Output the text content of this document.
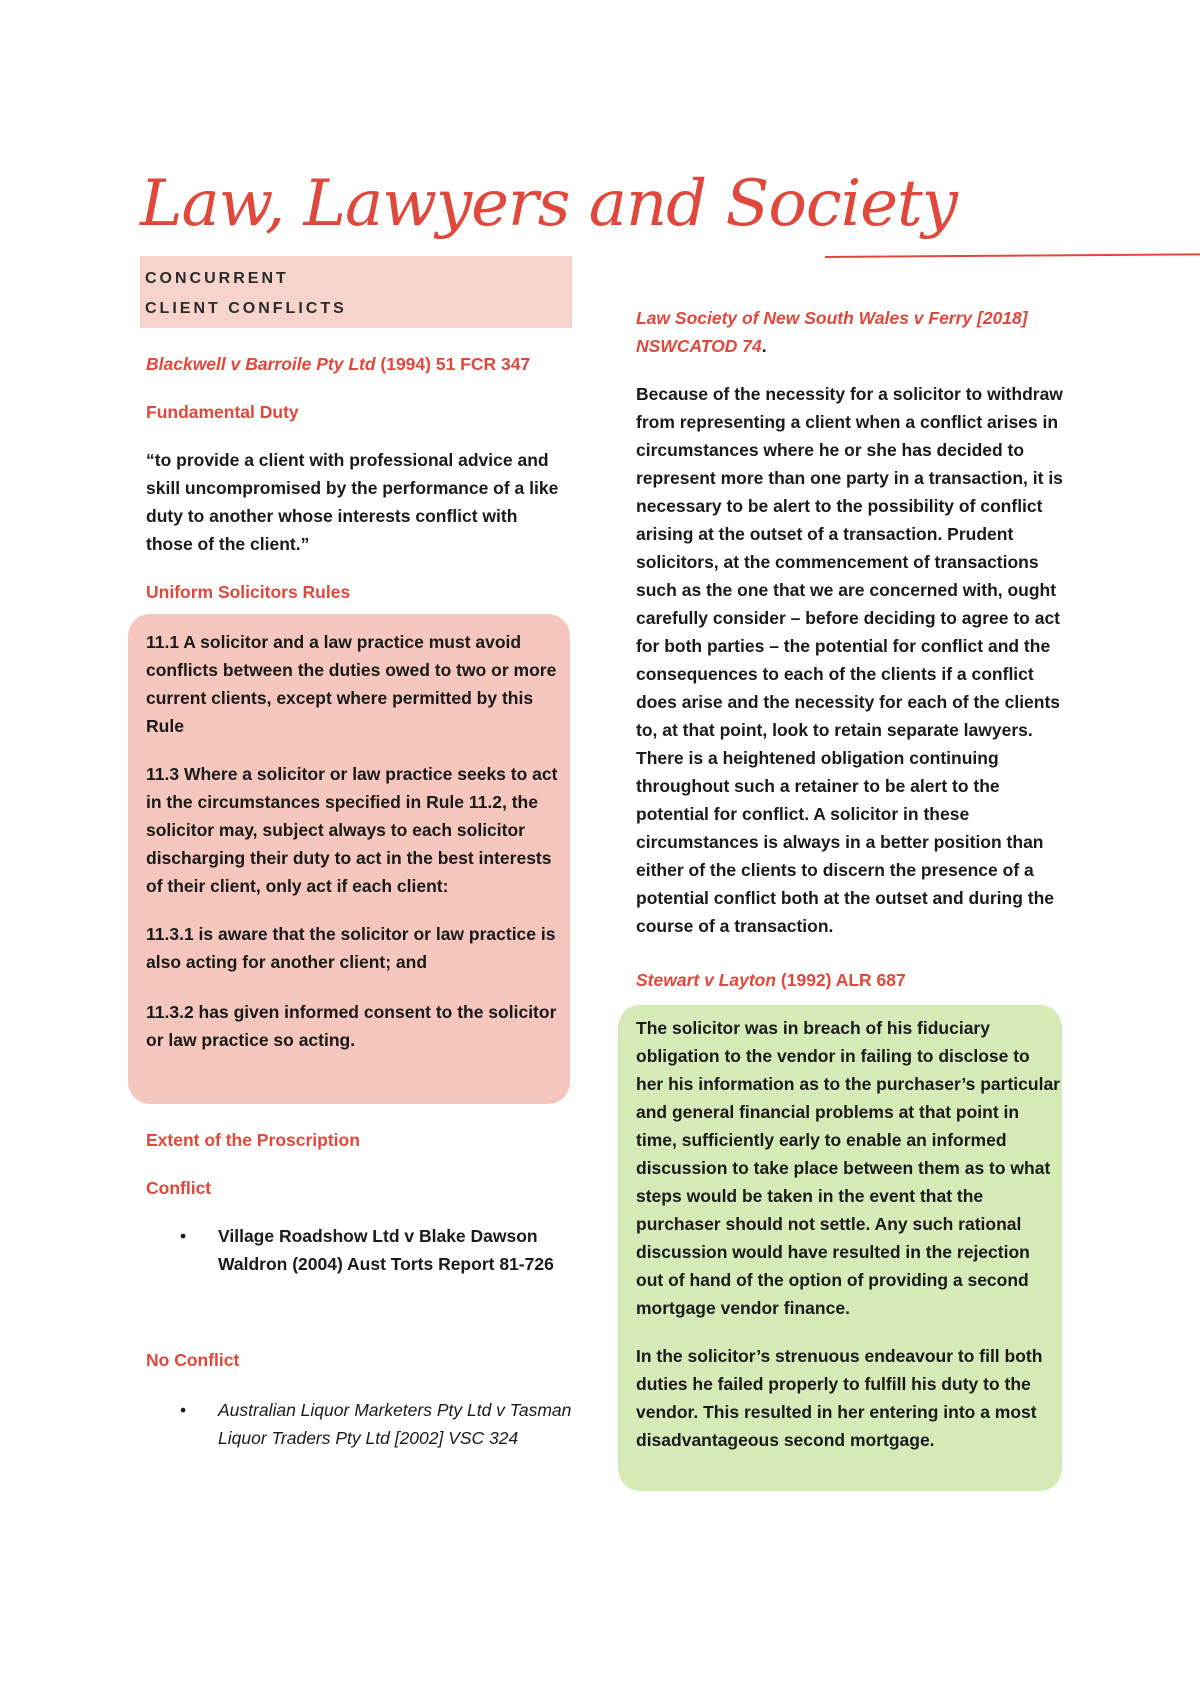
Law, Lawyers and Society
CONCURRENT
CLIENT CONFLICTS
Blackwell v Barroile Pty Ltd (1994) 51 FCR 347
Fundamental Duty

“to provide a client with professional advice and skill uncompromised by the performance of a like duty to another whose interests conflict with those of the client.”

Uniform Solicitors Rules

11.1 A solicitor and a law practice must avoid conflicts between the duties owed to two or more current clients, except where permitted by this Rule

11.3 Where a solicitor or law practice seeks to act in the circumstances specified in Rule 11.2, the solicitor may, subject always to each solicitor discharging their duty to act in the best interests of their client, only act if each client:

11.3.1 is aware that the solicitor or law practice is also acting for another client; and

11.3.2 has given informed consent to the solicitor or law practice so acting.

Extent of the Proscription
Conflict
• Village Roadshow Ltd v Blake Dawson Waldron (2004) Aust Torts Report 81-726

No Conflict
• Australian Liquor Marketers Pty Ltd v Tasman Liquor Traders Pty Ltd [2002] VSC 324

Law Society of New South Wales v Ferry [2018] NSWCATOD 74.

Because of the necessity for a solicitor to withdraw from representing a client when a conflict arises in circumstances where he or she has decided to represent more than one party in a transaction, it is necessary to be alert to the possibility of conflict arising at the outset of a transaction. Prudent solicitors, at the commencement of transactions such as the one that we are concerned with, ought carefully consider – before deciding to agree to act for both parties – the potential for conflict and the consequences to each of the clients if a conflict does arise and the necessity for each of the clients to, at that point, look to retain separate lawyers. There is a heightened obligation continuing throughout such a retainer to be alert to the potential for conflict. A solicitor in these circumstances is always in a better position than either of the clients to discern the presence of a potential conflict both at the outset and during the course of a transaction.

Stewart v Layton (1992) ALR 687

The solicitor was in breach of his fiduciary obligation to the vendor in failing to disclose to her his information as to the purchaser’s particular and general financial problems at that point in time, sufficiently early to enable an informed discussion to take place between them as to what steps would be taken in the event that the purchaser should not settle. Any such rational discussion would have resulted in the rejection out of hand of the option of providing a second mortgage vendor finance.

In the solicitor’s strenuous endeavour to fill both duties he failed properly to fulfill his duty to the vendor. This resulted in her entering into a most disadvantageous second mortgage.
